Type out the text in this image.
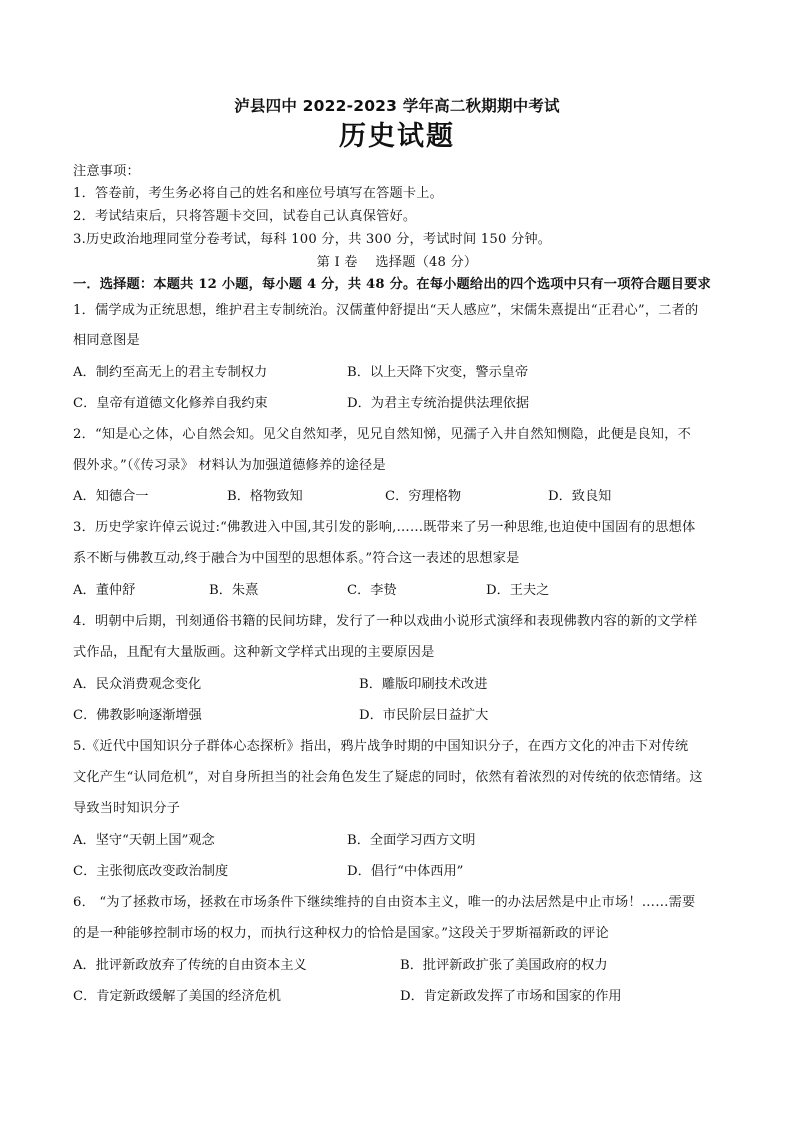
泸县四中 2022-2023 学年高二秋期期中考试
历史试题
注意事项：
1．答卷前，考生务必将自己的姓名和座位号填写在答题卡上。
2．考试结束后，只将答题卡交回，试卷自己认真保管好。
3.历史政治地理同堂分卷考试，每科 100 分，共 300 分，考试时间 150 分钟。
第 I 卷　 选择题（48 分）
一．选择题：本题共 12 小题，每小题 4 分，共 48 分。在每小题给出的四个选项中只有一项符合题目要求
1．儒学成为正统思想，维护君主专制统治。汉儒董仲舒提出“天人感应”，宋儒朱熹提出“正君心”，二者的
相同意图是
A．制约至高无上的君主专制权力	B．以上天降下灾变，警示皇帝
C．皇帝有道德文化修养自我约束	D．为君主专统治提供法理依据
2．“知是心之体，心自然会知。见父自然知孝，见兄自然知悌，见孺子入井自然知恻隐，此便是良知，不
假外求。”（《传习录》 材料认为加强道德修养的途径是
A．知德合一	B．格物致知	C．穷理格物	D．致良知
3．历史学家许倬云说过:“佛教进入中国,其引发的影响,……既带来了另一种思维,也迫使中国固有的思想体
系不断与佛教互动,终于融合为中国型的思想体系。”符合这一表述的思想家是
A．董仲舒	B．朱熹	C．李贽	D．王夫之
4．明朝中后期，刊刻通俗书籍的民间坊肆，发行了一种以戏曲小说形式演绎和表现佛教内容的新的文学样
式作品，且配有大量版画。这种新文学样式出现的主要原因是
A．民众消费观念变化	B．雕版印刷技术改进
C．佛教影响逐渐增强	D．市民阶层日益扩大
5.《近代中国知识分子群体心态探析》指出，鸦片战争时期的中国知识分子，在西方文化的冲击下对传统
文化产生“认同危机”，对自身所担当的社会角色发生了疑虑的同时，依然有着浓烈的对传统的依恋情绪。这
导致当时知识分子
A．坚守“天朝上国”观念	B．全面学习西方文明
C．主张彻底改变政治制度	D．倡行“中体西用”
6． “为了拯救市场，拯救在市场条件下继续维持的自由资本主义，唯一的办法居然是中止市场！……需要
的是一种能够控制市场的权力，而执行这种权力的恰恰是国家。”这段关于罗斯福新政的评论
A．批评新政放弃了传统的自由资本主义	B．批评新政扩张了美国政府的权力
C．肯定新政缓解了美国的经济危机	D．肯定新政发挥了市场和国家的作用
